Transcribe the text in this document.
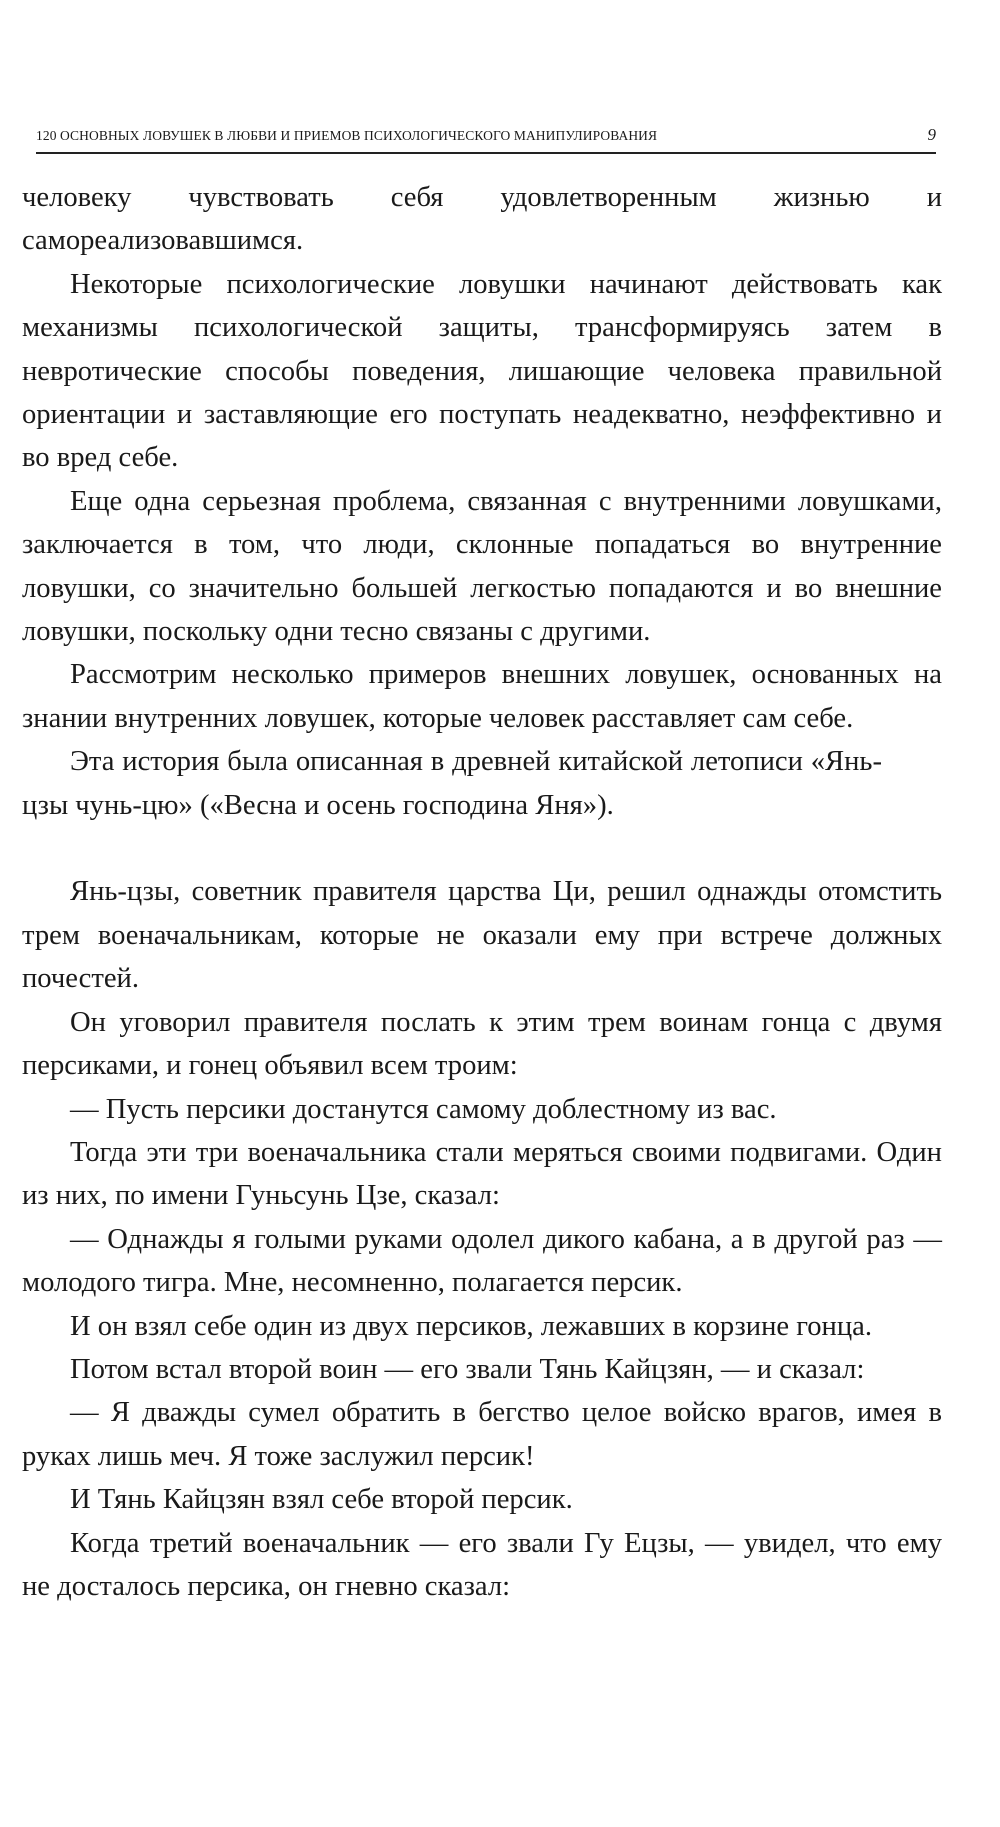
120 ОСНОВНЫХ ЛОВУШЕК В ЛЮБВИ И ПРИЕМОВ ПСИХОЛОГИЧЕСКОГО МАНИПУЛИРОВАНИЯ	9

человеку чувствовать себя удовлетворенным жизнью и самореализовавшимся.

Некоторые психологические ловушки начинают действовать как механизмы психологической защиты, трансформируясь затем в невротические способы поведения, лишающие человека правильной ориентации и заставляющие его поступать неадекватно, неэффективно и во вред себе.

Еще одна серьезная проблема, связанная с внутренними ловушками, заключается в том, что люди, склонные попадаться во внутренние ловушки, со значительно большей легкостью попадаются и во внешние ловушки, поскольку одни тесно связаны с другими.

Рассмотрим несколько примеров внешних ловушек, основанных на знании внутренних ловушек, которые человек расставляет сам себе.

Эта история была описанная в древней китайской летописи «Янь-цзы чунь-цю» («Весна и осень господина Яня»).

Янь-цзы, советник правителя царства Ци, решил однажды отомстить трем военачальникам, которые не оказали ему при встрече должных почестей.

Он уговорил правителя послать к этим трем воинам гонца с двумя персиками, и гонец объявил всем троим:

— Пусть персики достанутся самому доблестному из вас.

Тогда эти три военачальника стали меряться своими подвигами. Один из них, по имени Гуньсунь Цзе, сказал:

— Однажды я голыми руками одолел дикого кабана, а в другой раз — молодого тигра. Мне, несомненно, полагается персик.

И он взял себе один из двух персиков, лежавших в корзине гонца.

Потом встал второй воин — его звали Тянь Кайцзян, — и сказал:

— Я дважды сумел обратить в бегство целое войско врагов, имея в руках лишь меч. Я тоже заслужил персик!

И Тянь Кайцзян взял себе второй персик.

Когда третий военачальник — его звали Гу Ецзы, — увидел, что ему не досталось персика, он гневно сказал:
